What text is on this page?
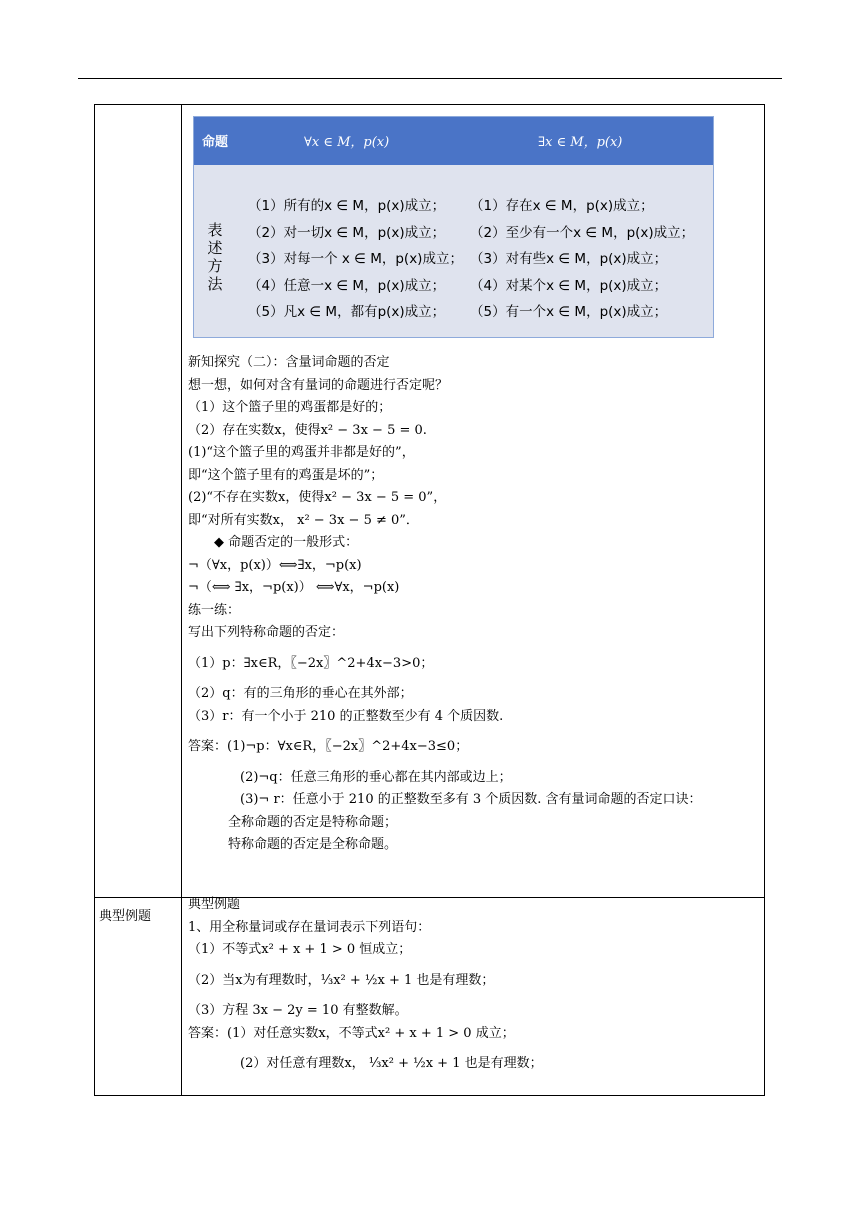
典型例题
命题	∀x ∈ M，p(x)	∃x ∈ M，p(x)
表
述
方
法
（1）所有的x ∈ M，p(x)成立； （1）存在x ∈ M，p(x)成立；
（2）对一切x ∈ M，p(x)成立； （2）至少有一个x ∈ M，p(x)成立；
（3）对每一个 x ∈ M，p(x)成立； （3）对有些x ∈ M，p(x)成立；
（4）任意一x ∈ M，p(x)成立； （4）对某个x ∈ M，p(x)成立；
（5）凡x ∈ M，都有p(x)成立； （5）有一个x ∈ M，p(x)成立；
新知探究（二）：含量词命题的否定
想一想，如何对含有量词的命题进行否定呢？
（1）这个篮子里的鸡蛋都是好的；
（2）存在实数x，使得x² − 3x − 5 = 0.
(1)“这个篮子里的鸡蛋并非都是好的”，
即“这个篮子里有的鸡蛋是坏的”；
(2)“不存在实数x，使得x² − 3x − 5 = 0”，
即“对所有实数x， x² − 3x − 5 ≠ 0”．
◆ 命题否定的一般形式：
¬（∀x，p(x)）⟺∃x，¬p(x)
¬（⟺ ∃x，¬p(x)） ⟺∀x，¬p(x)
练一练：
写出下列特称命题的否定：
（1）p：∃x∈R，〖−2x〗^2+4x−3>0；
（2）q：有的三角形的垂心在其外部；
（3）r：有一个小于 210 的正整数至少有 4 个质因数.
答案：(1)¬p：∀x∈R，〖−2x〗^2+4x−3≤0；
(2)¬q：任意三角形的垂心都在其内部或边上；
(3)¬ r：任意小于 210 的正整数至多有 3 个质因数. 含有量词命题的否定口诀：
全称命题的否定是特称命题；
特称命题的否定是全称命题。
典型例题
1、用全称量词或存在量词表示下列语句：
（1）不等式x² + x + 1 > 0 恒成立；
（2）当x为有理数时，⅓x² + ½x + 1 也是有理数；
（3）方程 3x − 2y = 10 有整数解。
答案：(1）对任意实数x，不等式x² + x + 1 > 0 成立；
(2）对任意有理数x， ⅓x² + ½x + 1 也是有理数；
